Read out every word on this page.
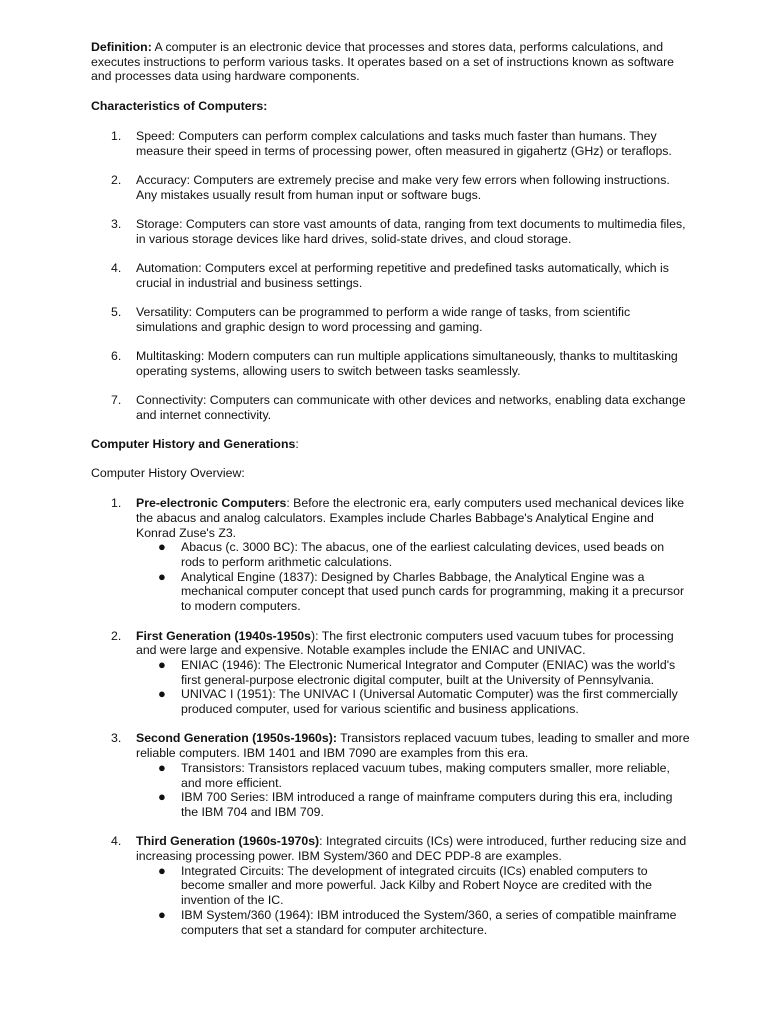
Definition: A computer is an electronic device that processes and stores data, performs calculations, and executes instructions to perform various tasks. It operates based on a set of instructions known as software and processes data using hardware components.

Characteristics of Computers:

1. Speed: Computers can perform complex calculations and tasks much faster than humans. They measure their speed in terms of processing power, often measured in gigahertz (GHz) or teraflops.
2. Accuracy: Computers are extremely precise and make very few errors when following instructions. Any mistakes usually result from human input or software bugs.
3. Storage: Computers can store vast amounts of data, ranging from text documents to multimedia files, in various storage devices like hard drives, solid-state drives, and cloud storage.
4. Automation: Computers excel at performing repetitive and predefined tasks automatically, which is crucial in industrial and business settings.
5. Versatility: Computers can be programmed to perform a wide range of tasks, from scientific simulations and graphic design to word processing and gaming.
6. Multitasking: Modern computers can run multiple applications simultaneously, thanks to multitasking operating systems, allowing users to switch between tasks seamlessly.
7. Connectivity: Computers can communicate with other devices and networks, enabling data exchange and internet connectivity.

Computer History and Generations:

Computer History Overview:

1. Pre-electronic Computers: Before the electronic era, early computers used mechanical devices like the abacus and analog calculators. Examples include Charles Babbage's Analytical Engine and Konrad Zuse's Z3.
● Abacus (c. 3000 BC): The abacus, one of the earliest calculating devices, used beads on rods to perform arithmetic calculations.
● Analytical Engine (1837): Designed by Charles Babbage, the Analytical Engine was a mechanical computer concept that used punch cards for programming, making it a precursor to modern computers.
2. First Generation (1940s-1950s): The first electronic computers used vacuum tubes for processing and were large and expensive. Notable examples include the ENIAC and UNIVAC.
● ENIAC (1946): The Electronic Numerical Integrator and Computer (ENIAC) was the world's first general-purpose electronic digital computer, built at the University of Pennsylvania.
● UNIVAC I (1951): The UNIVAC I (Universal Automatic Computer) was the first commercially produced computer, used for various scientific and business applications.
3. Second Generation (1950s-1960s): Transistors replaced vacuum tubes, leading to smaller and more reliable computers. IBM 1401 and IBM 7090 are examples from this era.
● Transistors: Transistors replaced vacuum tubes, making computers smaller, more reliable, and more efficient.
● IBM 700 Series: IBM introduced a range of mainframe computers during this era, including the IBM 704 and IBM 709.
4. Third Generation (1960s-1970s): Integrated circuits (ICs) were introduced, further reducing size and increasing processing power. IBM System/360 and DEC PDP-8 are examples.
● Integrated Circuits: The development of integrated circuits (ICs) enabled computers to become smaller and more powerful. Jack Kilby and Robert Noyce are credited with the invention of the IC.
● IBM System/360 (1964): IBM introduced the System/360, a series of compatible mainframe computers that set a standard for computer architecture.
